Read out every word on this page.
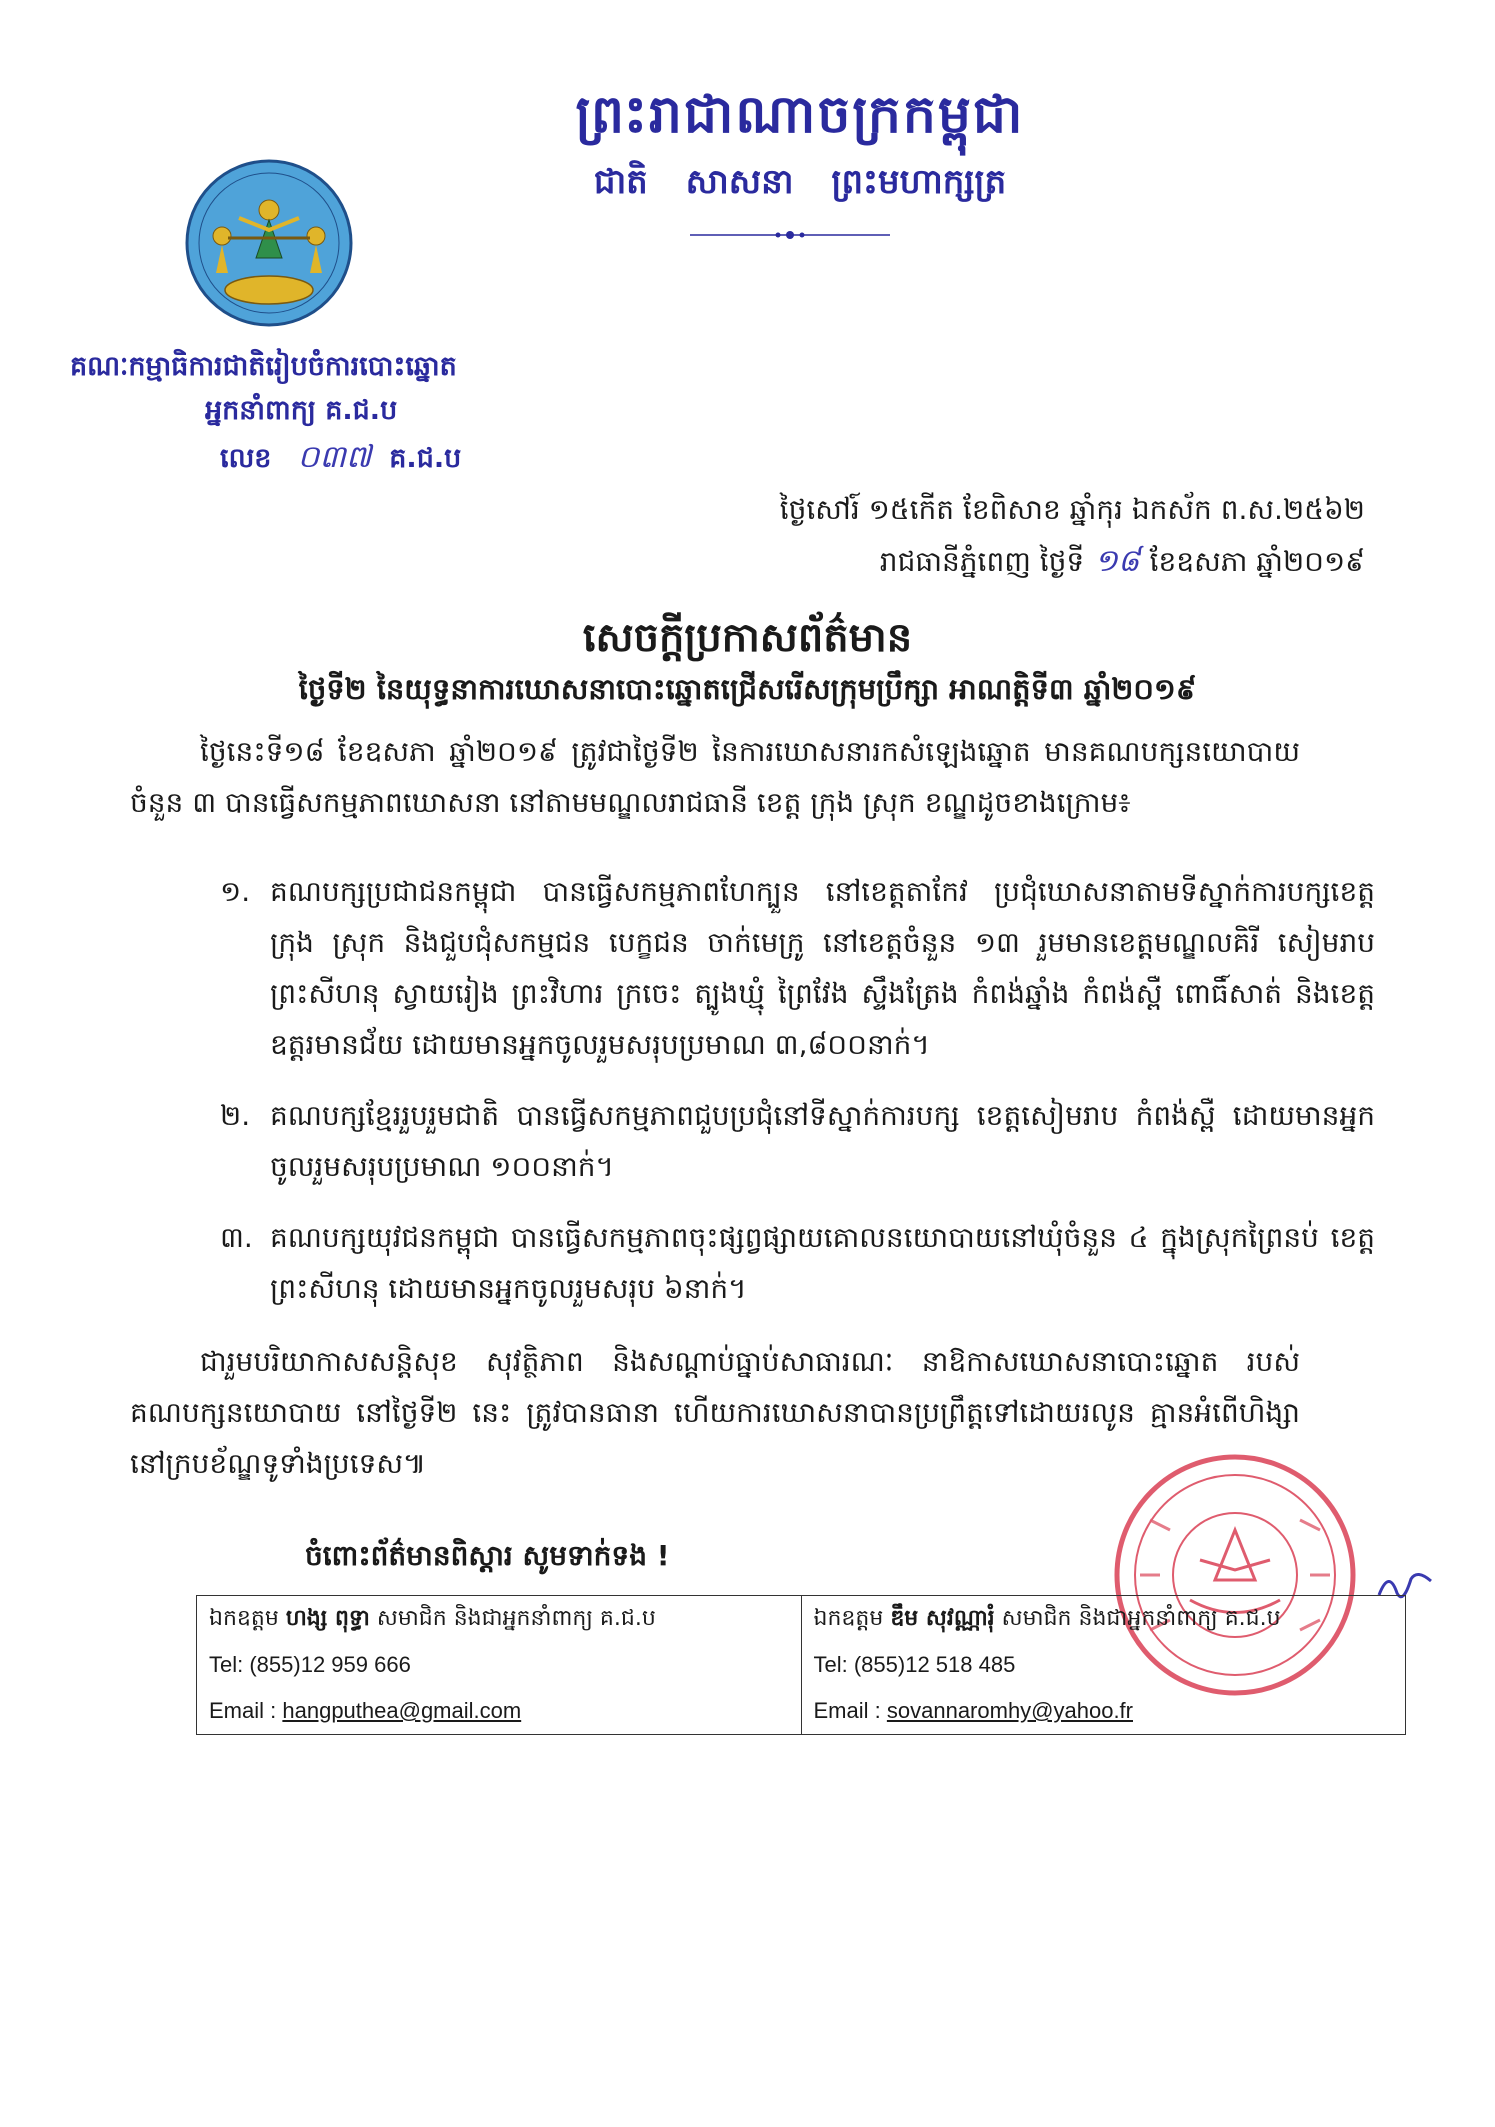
ព្រះរាជាណាចក្រកម្ពុជា
ជាតិ សាសនា ព្រះមហាក្សត្រ
គណៈកម្មាធិការជាតិរៀបចំការបោះឆ្នោត
អ្នកនាំពាក្យ គ.ជ.ប
លេខ ០៣៧ គ.ជ.ប
ថ្ងៃសៅរ៍ ១៥កើត ខែពិសាខ ឆ្នាំកុរ ឯកស័ក ព.ស.២៥៦២
រាជធានីភ្នំពេញ ថ្ងៃទី ១៨ ខែឧសភា ឆ្នាំ២០១៩
សេចក្តីប្រកាសព័ត៌មាន
ថ្ងៃទី២ នៃយុទ្ធនាការឃោសនាបោះឆ្នោតជ្រើសរើសក្រុមប្រឹក្សា អាណត្តិទី៣ ឆ្នាំ២០១៩
ថ្ងៃនេះទី១៨ ខែឧសភា ឆ្នាំ២០១៩ ត្រូវជាថ្ងៃទី២ នៃការឃោសនារកសំឡេងឆ្នោត មានគណបក្សនយោបាយ ចំនួន ៣ បានធ្វើសកម្មភាពឃោសនា នៅតាមមណ្ឌលរាជធានី ខេត្ត ក្រុង ស្រុក ខណ្ឌដូចខាងក្រោម៖
១. គណបក្សប្រជាជនកម្ពុជា បានធ្វើសកម្មភាពហែក្បួន នៅខេត្តតាកែវ ប្រជុំឃោសនាតាមទីស្នាក់ការបក្សខេត្ត ក្រុង ស្រុក និងជួបជុំសកម្មជន បេក្ខជន ចាក់មេក្រូ នៅខេត្តចំនួន ១៣ រួមមានខេត្តមណ្ឌលគិរី សៀមរាប ព្រះសីហនុ ស្វាយរៀង ព្រះវិហារ ក្រចេះ ត្បូងឃ្មុំ ព្រៃវែង ស្ទឹងត្រែង កំពង់ឆ្នាំង កំពង់ស្ពឺ ពោធិ៍សាត់ និងខេត្តឧត្តរមានជ័យ ដោយមានអ្នកចូលរួមសរុបប្រមាណ ៣,៨០០នាក់។
២. គណបក្សខ្មែររួបរួមជាតិ បានធ្វើសកម្មភាពជួបប្រជុំនៅទីស្នាក់ការបក្ស ខេត្តសៀមរាប កំពង់ស្ពឺ ដោយមានអ្នកចូលរួមសរុបប្រមាណ ១០០នាក់។
៣. គណបក្សយុវជនកម្ពុជា បានធ្វើសកម្មភាពចុះផ្សព្វផ្សាយគោលនយោបាយនៅឃុំចំនួន ៤ ក្នុងស្រុកព្រៃនប់ ខេត្តព្រះសីហនុ ដោយមានអ្នកចូលរួមសរុប ៦នាក់។
ជារួមបរិយាកាសសន្តិសុខ សុវត្ថិភាព និងសណ្តាប់ធ្នាប់សាធារណៈ នាឱកាសឃោសនាបោះឆ្នោត របស់គណបក្សនយោបាយ នៅថ្ងៃទី២ នេះ ត្រូវបានធានា ហើយការឃោសនាបានប្រព្រឹត្តទៅដោយរលូន គ្មានអំពើហិង្សា នៅក្របខ័ណ្ឌទូទាំងប្រទេស៕
ចំពោះព័ត៌មានពិស្តារ សូមទាក់ទង !
ឯកឧត្តម ហង្ស ពុទ្ធា សមាជិក និងជាអ្នកនាំពាក្យ គ.ជ.ប
Tel: (855)12 959 666
Email : hangputhea@gmail.com

ឯកឧត្តម ឌឹម សុវណ្ណារុំ សមាជិក និងជាអ្នកនាំពាក្យ គ.ជ.ប
Tel: (855)12 518 485
Email : sovannaromhy@yahoo.fr
